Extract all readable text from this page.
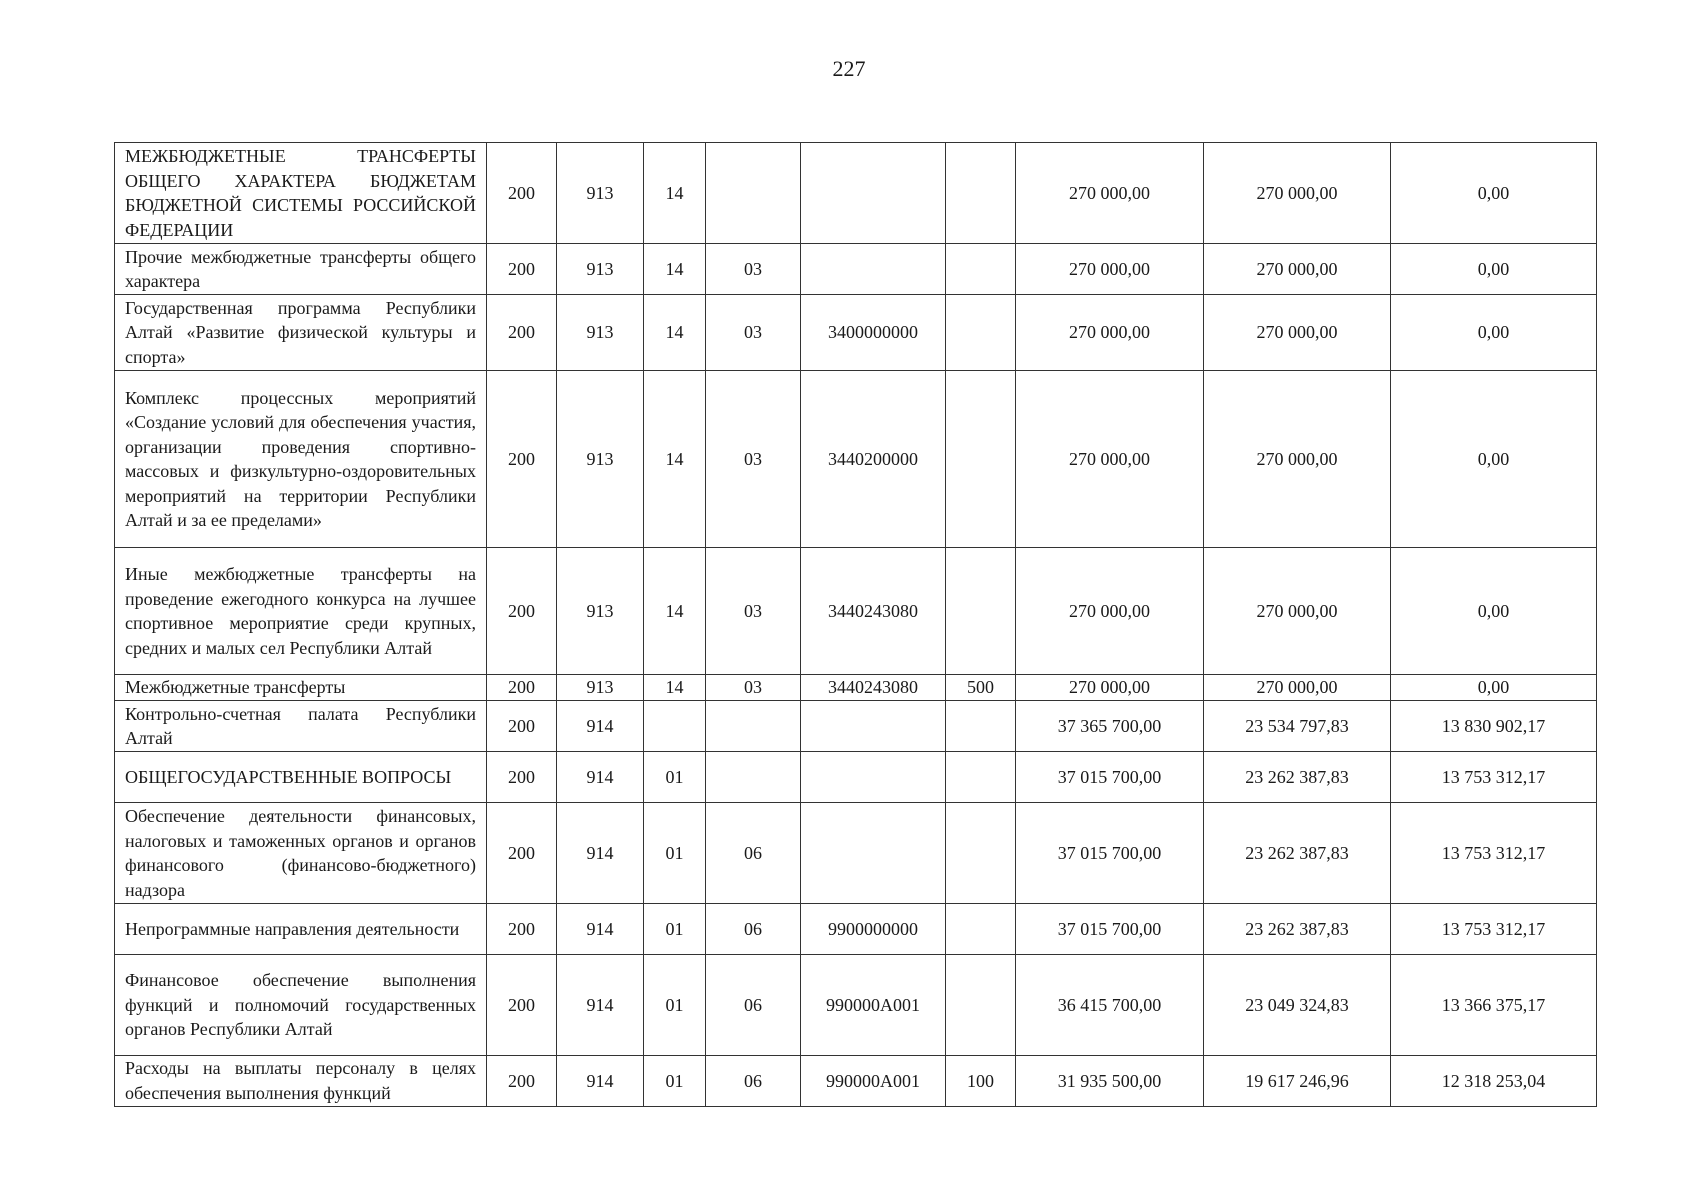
227
МЕЖБЮДЖЕТНЫЕ ТРАНСФЕРТЫ ОБЩЕГО ХАРАКТЕРА БЮДЖЕТАМ БЮДЖЕТНОЙ СИСТЕМЫ РОССИЙСКОЙ ФЕДЕРАЦИИ	200	913	14				270 000,00	270 000,00	0,00
Прочие межбюджетные трансферты общего характера	200	913	14	03			270 000,00	270 000,00	0,00
Государственная программа Республики Алтай «Развитие физической культуры и спорта»	200	913	14	03	3400000000		270 000,00	270 000,00	0,00
Комплекс процессных мероприятий «Создание условий для обеспечения участия, организации проведения спортивно-массовых и физкультурно-оздоровительных мероприятий на территории Республики Алтай и за ее пределами»	200	913	14	03	3440200000		270 000,00	270 000,00	0,00
Иные межбюджетные трансферты на проведение ежегодного конкурса на лучшее спортивное мероприятие среди крупных, средних и малых сел Республики Алтай	200	913	14	03	3440243080		270 000,00	270 000,00	0,00
Межбюджетные трансферты	200	913	14	03	3440243080	500	270 000,00	270 000,00	0,00
Контрольно-счетная палата Республики Алтай	200	914					37 365 700,00	23 534 797,83	13 830 902,17
ОБЩЕГОСУДАРСТВЕННЫЕ ВОПРОСЫ	200	914	01				37 015 700,00	23 262 387,83	13 753 312,17
Обеспечение деятельности финансовых, налоговых и таможенных органов и органов финансового (финансово-бюджетного) надзора	200	914	01	06			37 015 700,00	23 262 387,83	13 753 312,17
Непрограммные направления деятельности	200	914	01	06	9900000000		37 015 700,00	23 262 387,83	13 753 312,17
Финансовое обеспечение выполнения функций и полномочий государственных органов Республики Алтай	200	914	01	06	990000А001		36 415 700,00	23 049 324,83	13 366 375,17
Расходы на выплаты персоналу в целях обеспечения выполнения функций	200	914	01	06	990000А001	100	31 935 500,00	19 617 246,96	12 318 253,04
